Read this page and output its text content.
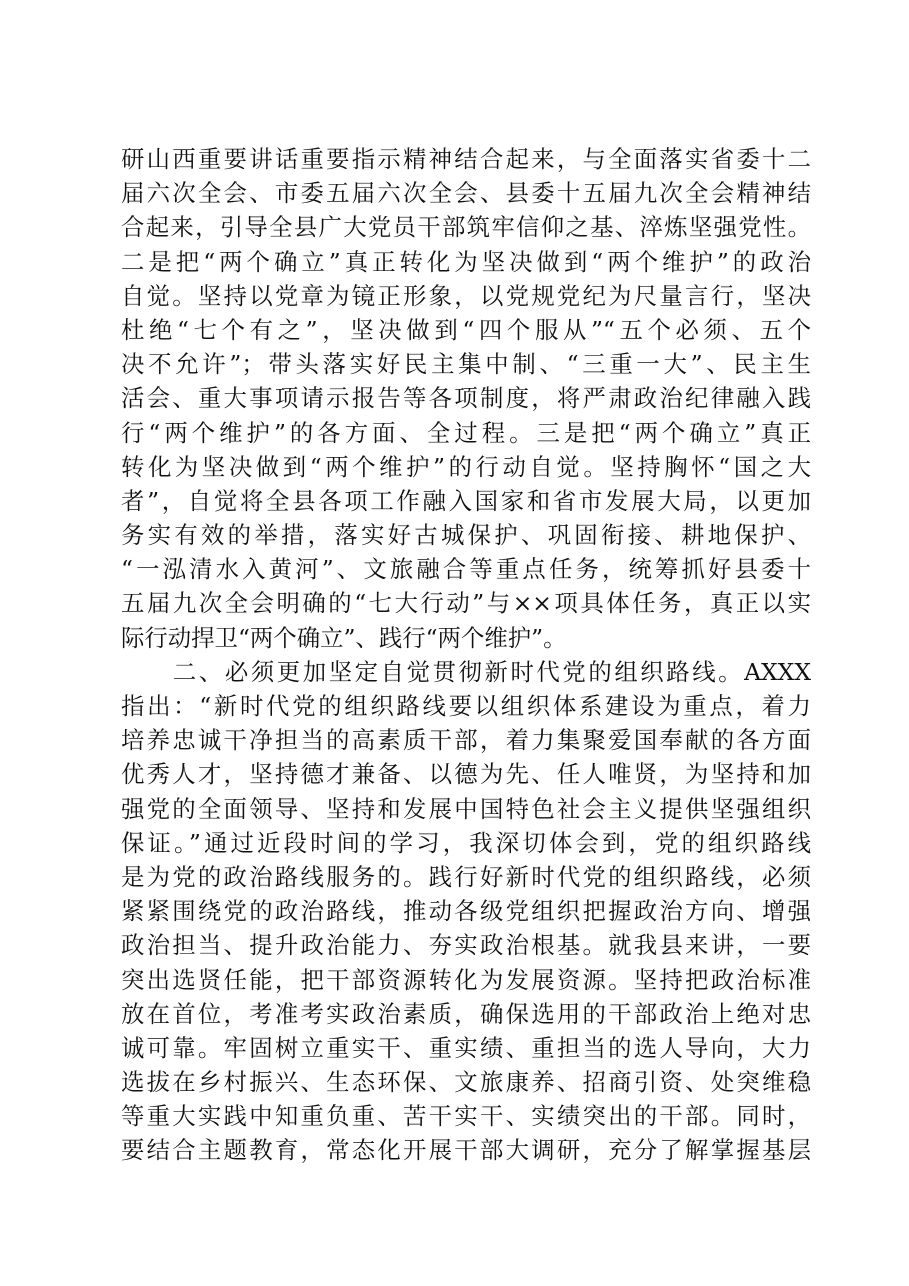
研山西重要讲话重要指示精神结合起来，与全面落实省委十二
届六次全会、市委五届六次全会、县委十五届九次全会精神结
合起来，引导全县广大党员干部筑牢信仰之基、淬炼坚强党性。
二是把“两个确立”真正转化为坚决做到“两个维护”的政治
自觉。坚持以党章为镜正形象，以党规党纪为尺量言行，坚决
杜绝“七个有之”，坚决做到“四个服从”“五个必须、五个
决不允许”；带头落实好民主集中制、“三重一大”、民主生
活会、重大事项请示报告等各项制度，将严肃政治纪律融入践
行“两个维护”的各方面、全过程。三是把“两个确立”真正
转化为坚决做到“两个维护”的行动自觉。坚持胸怀“国之大
者”，自觉将全县各项工作融入国家和省市发展大局，以更加
务实有效的举措，落实好古城保护、巩固衔接、耕地保护、
“一泓清水入黄河”、文旅融合等重点任务，统筹抓好县委十
五届九次全会明确的“七大行动”与××项具体任务，真正以实
际行动捍卫“两个确立”、践行“两个维护”。
　　二、必须更加坚定自觉贯彻新时代党的组织路线。AXXX
指出：“新时代党的组织路线要以组织体系建设为重点，着力
培养忠诚干净担当的高素质干部，着力集聚爱国奉献的各方面
优秀人才，坚持德才兼备、以德为先、任人唯贤，为坚持和加
强党的全面领导、坚持和发展中国特色社会主义提供坚强组织
保证。”通过近段时间的学习，我深切体会到，党的组织路线
是为党的政治路线服务的。践行好新时代党的组织路线，必须
紧紧围绕党的政治路线，推动各级党组织把握政治方向、增强
政治担当、提升政治能力、夯实政治根基。就我县来讲，一要
突出选贤任能，把干部资源转化为发展资源。坚持把政治标准
放在首位，考准考实政治素质，确保选用的干部政治上绝对忠
诚可靠。牢固树立重实干、重实绩、重担当的选人导向，大力
选拔在乡村振兴、生态环保、文旅康养、招商引资、处突维稳
等重大实践中知重负重、苦干实干、实绩突出的干部。同时，
要结合主题教育，常态化开展干部大调研，充分了解掌握基层
